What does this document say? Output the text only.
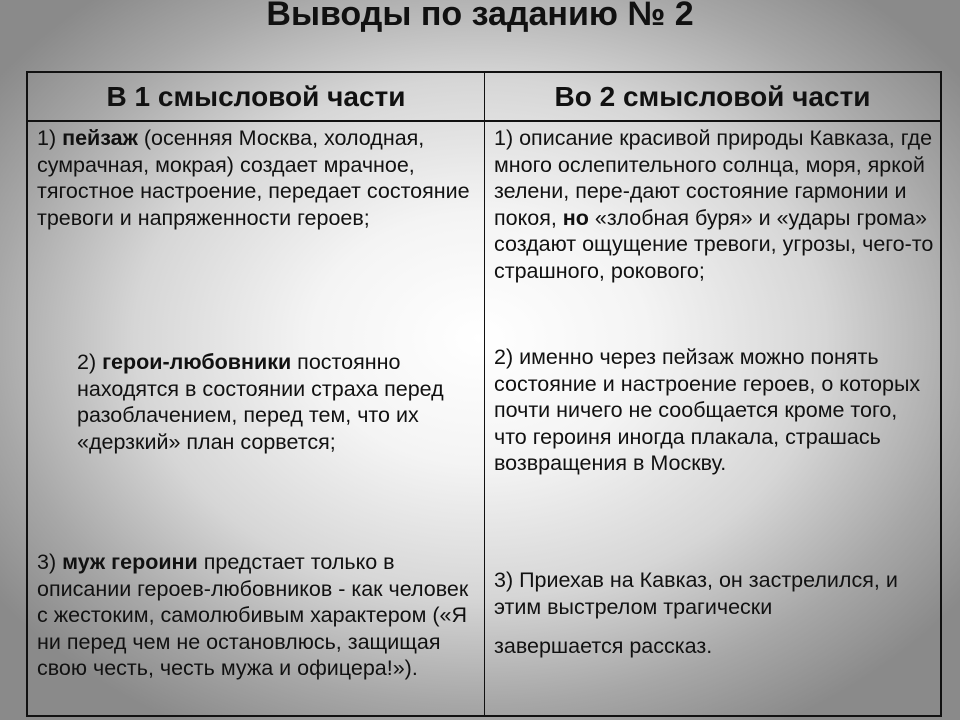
Выводы по заданию № 2
В 1 смысловой части	Во 2 смысловой части

1) пейзаж (осенняя Москва, холодная, сумрачная, мокрая) создает мрачное, тягостное настроение, передает состояние тревоги и напряженности героев;

2) герои-любовники постоянно находятся в состоянии страха перед разоблачением, перед тем, что их «дерзкий» план сорвется;

3) муж героини предстает только в описании героев-любовников - как человек с жестоким, самолюбивым характером («Я ни перед чем не остановлюсь, защищая свою честь, честь мужа и офицера!»).

1) описание красивой природы Кавказа, где много ослепительного солнца, моря, яркой зелени, пере-дают состояние гармонии и покоя, но «злобная буря» и «удары грома» создают ощущение тревоги, угрозы, чего-то страшного, рокового;

2) именно через пейзаж можно понять состояние и настроение героев, о которых почти ничего не сообщается кроме того, что героиня иногда плакала, страшась возвращения в Москву.

3) Приехав на Кавказ, он застрелился, и этим выстрелом трагически

завершается рассказ.
